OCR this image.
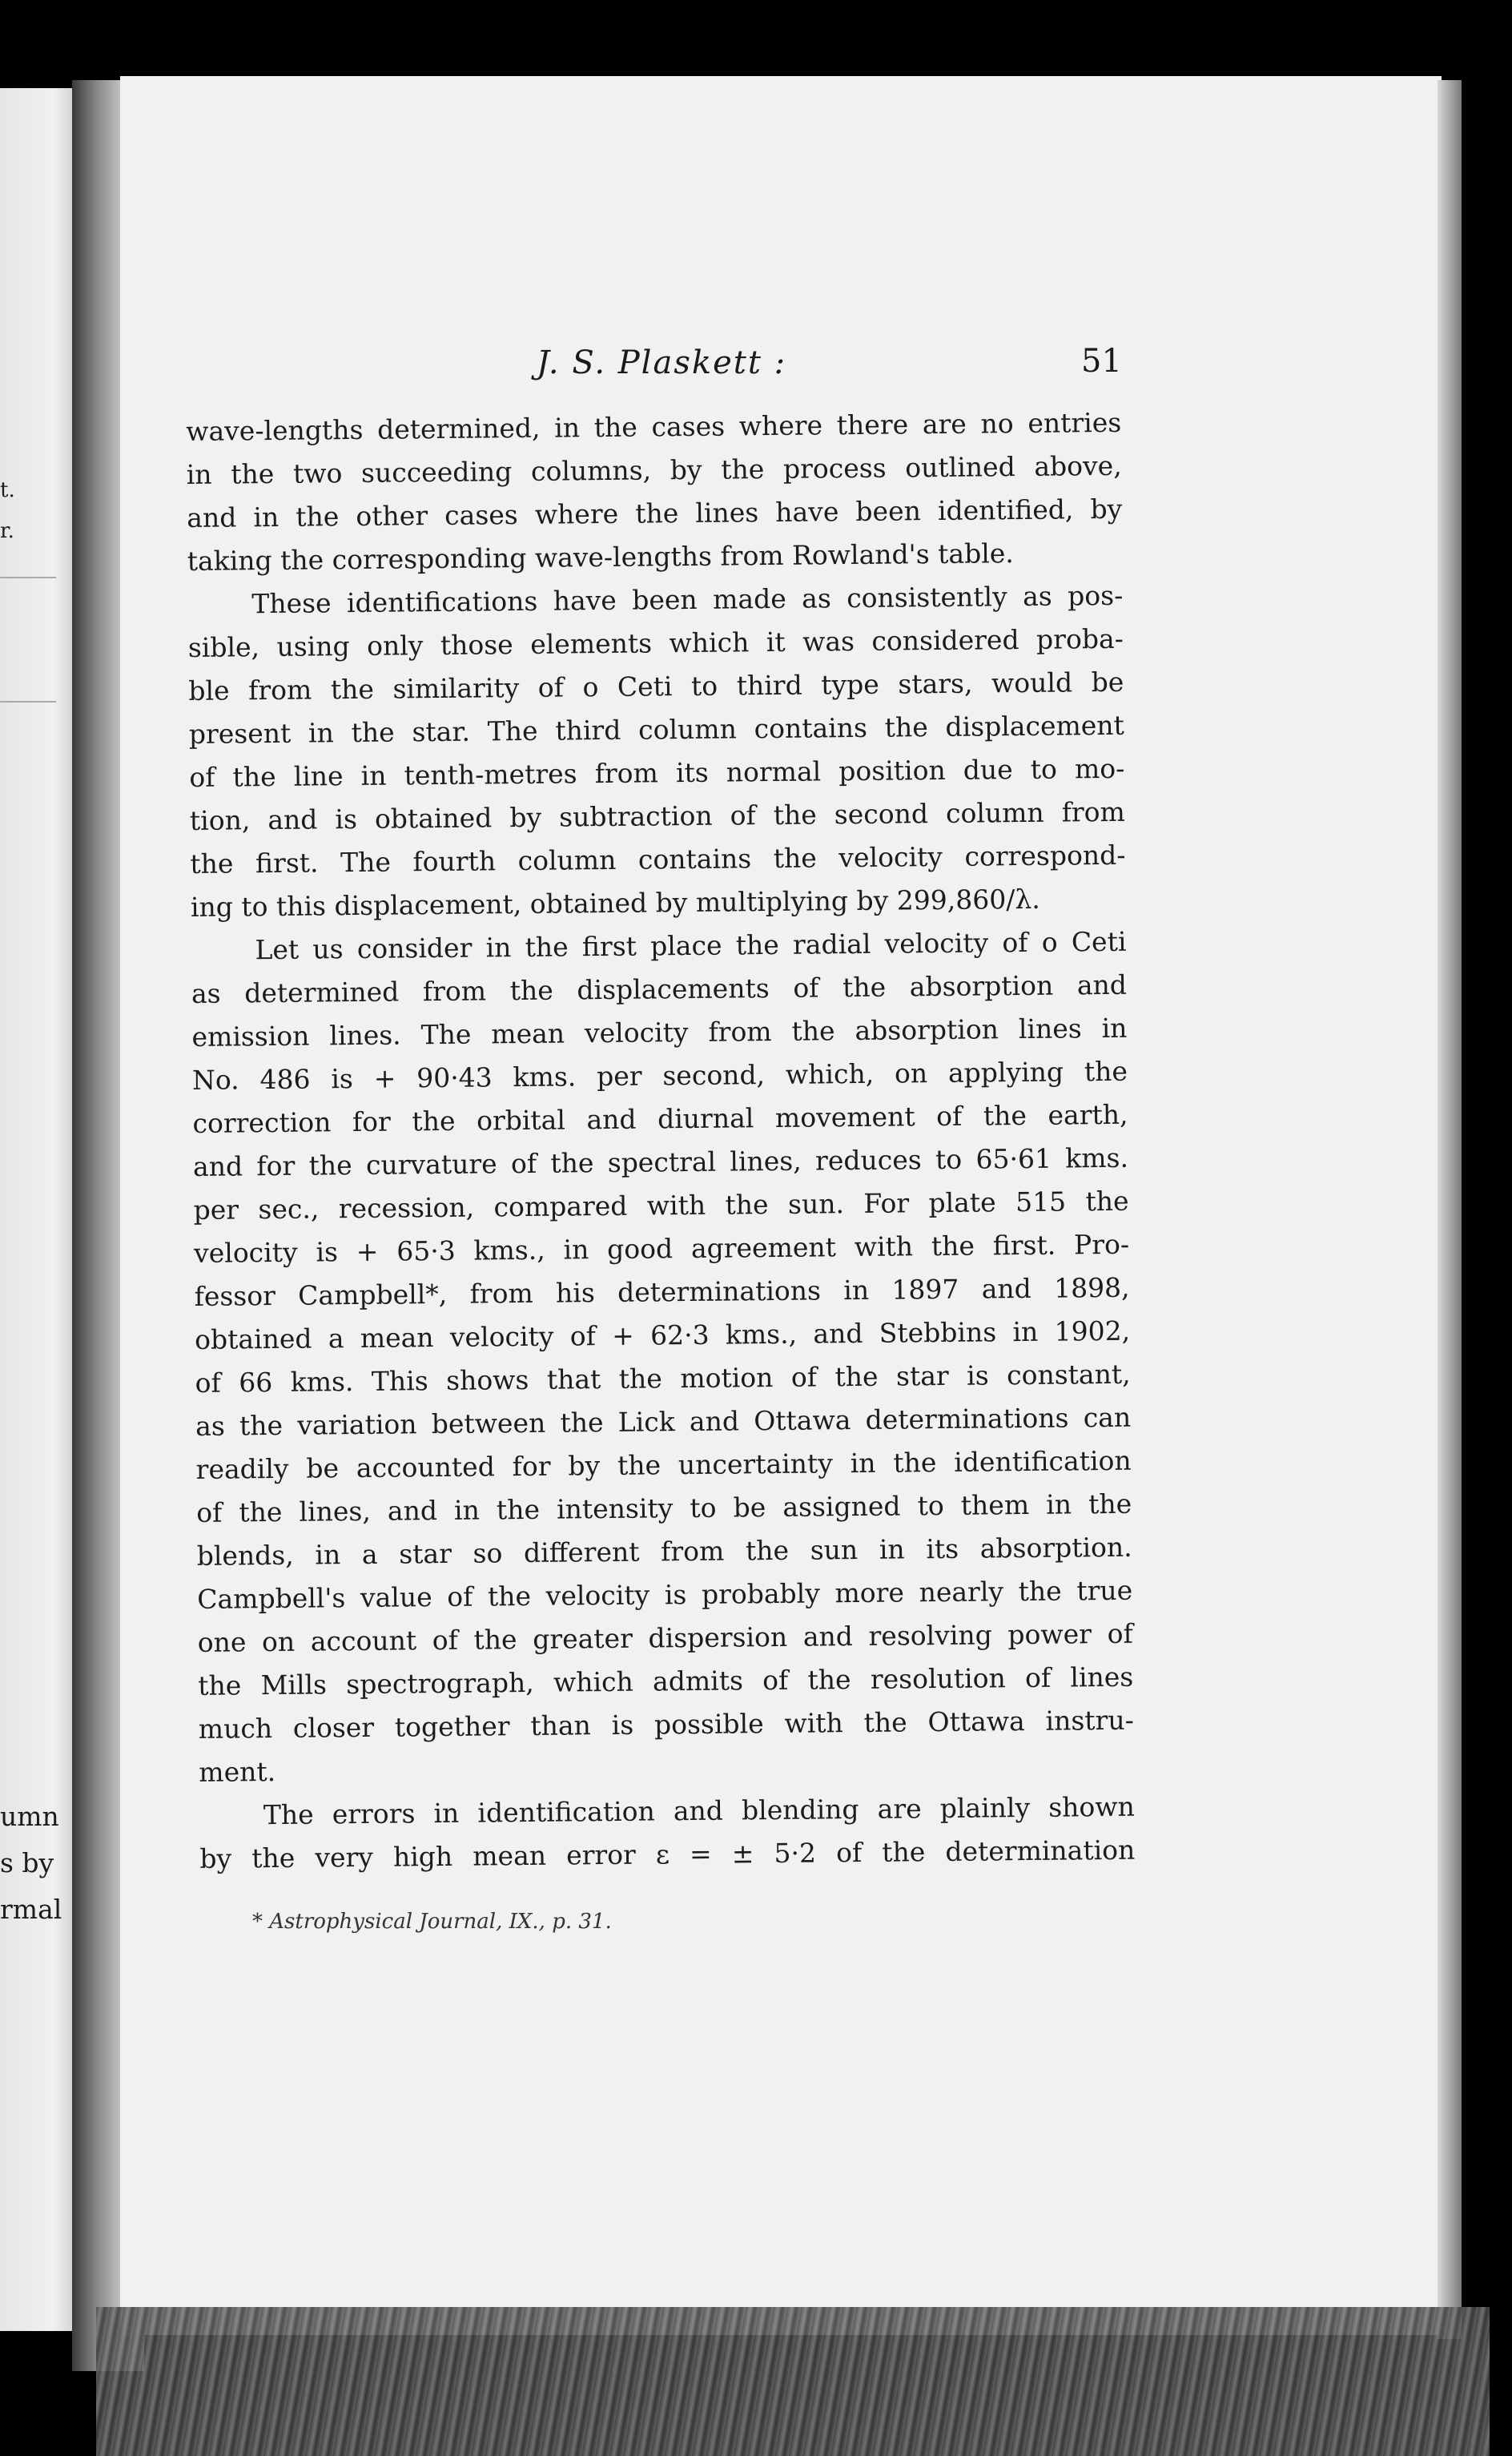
t.
r.
umn
s by
rmal
J. S. Plaskett :	51
wave-lengths determined, in the cases where there are no entries
in the two succeeding columns, by the process outlined above,
and in the other cases where the lines have been identified, by
taking the corresponding wave-lengths from Rowland's table.
These identifications have been made as consistently as pos-
sible, using only those elements which it was considered proba-
ble from the similarity of o Ceti to third type stars, would be
present in the star. The third column contains the displacement
of the line in tenth-metres from its normal position due to mo-
tion, and is obtained by subtraction of the second column from
the first. The fourth column contains the velocity correspond-
ing to this displacement, obtained by multiplying by 299,860/λ.
Let us consider in the first place the radial velocity of o Ceti
as determined from the displacements of the absorption and
emission lines. The mean velocity from the absorption lines in
No. 486 is + 90·43 kms. per second, which, on applying the
correction for the orbital and diurnal movement of the earth,
and for the curvature of the spectral lines, reduces to 65·61 kms.
per sec., recession, compared with the sun. For plate 515 the
velocity is + 65·3 kms., in good agreement with the first. Pro-
fessor Campbell*, from his determinations in 1897 and 1898,
obtained a mean velocity of + 62·3 kms., and Stebbins in 1902,
of 66 kms. This shows that the motion of the star is constant,
as the variation between the Lick and Ottawa determinations can
readily be accounted for by the uncertainty in the identification
of the lines, and in the intensity to be assigned to them in the
blends, in a star so different from the sun in its absorption.
Campbell's value of the velocity is probably more nearly the true
one on account of the greater dispersion and resolving power of
the Mills spectrograph, which admits of the resolution of lines
much closer together than is possible with the Ottawa instru-
ment.
The errors in identification and blending are plainly shown
by the very high mean error ε = ± 5·2 of the determination
* Astrophysical Journal, IX., p. 31.
